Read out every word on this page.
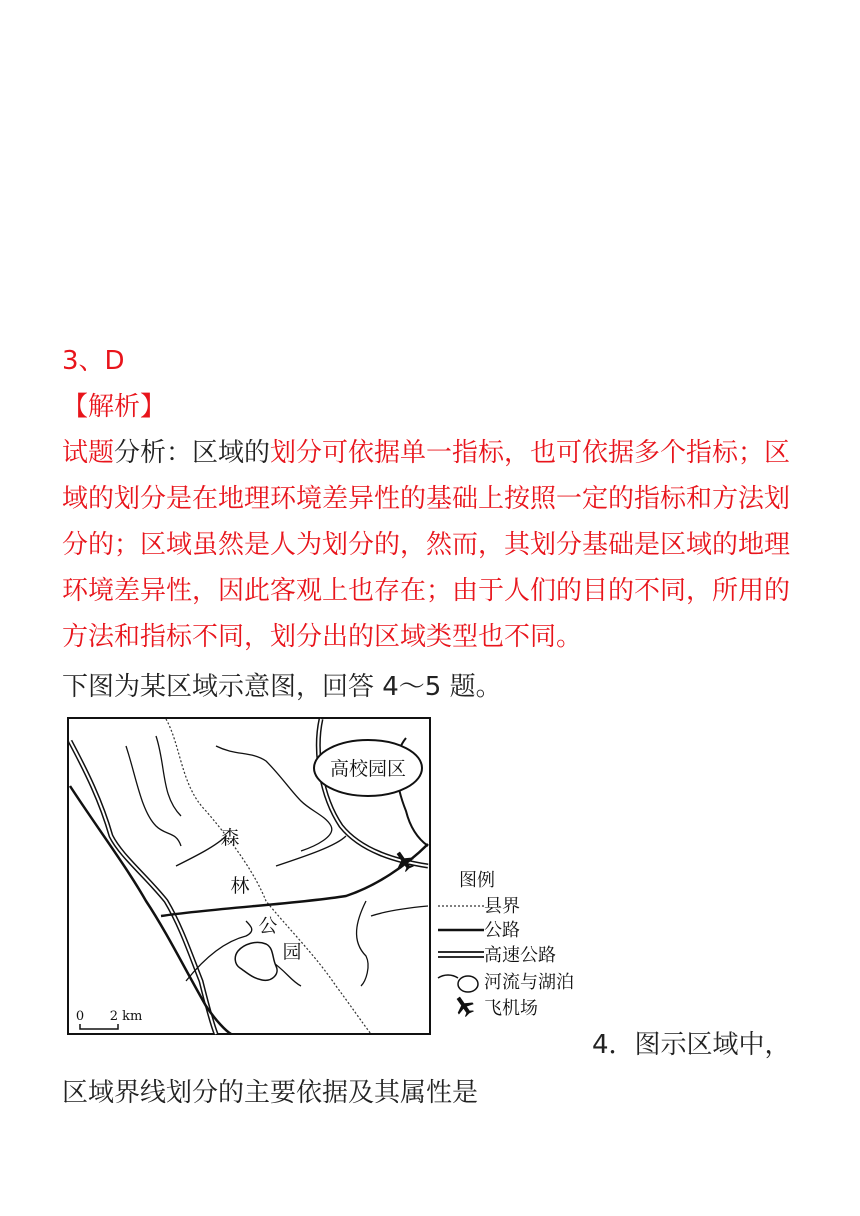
3、D
【解析】
试题分析：区域的划分可依据单一指标，也可依据多个指标；区
域的划分是在地理环境差异性的基础上按照一定的指标和方法划
分的；区域虽然是人为划分的，然而，其划分基础是区域的地理
环境差异性，因此客观上也存在；由于人们的目的不同，所用的
方法和指标不同，划分出的区域类型也不同。
下图为某区域示意图，回答 4～5 题。
高校园区
森
林
公
园
0 2 km
图例
县界
公路
高速公路
河流与湖泊
飞机场
4．图示区域中，
区域界线划分的主要依据及其属性是
